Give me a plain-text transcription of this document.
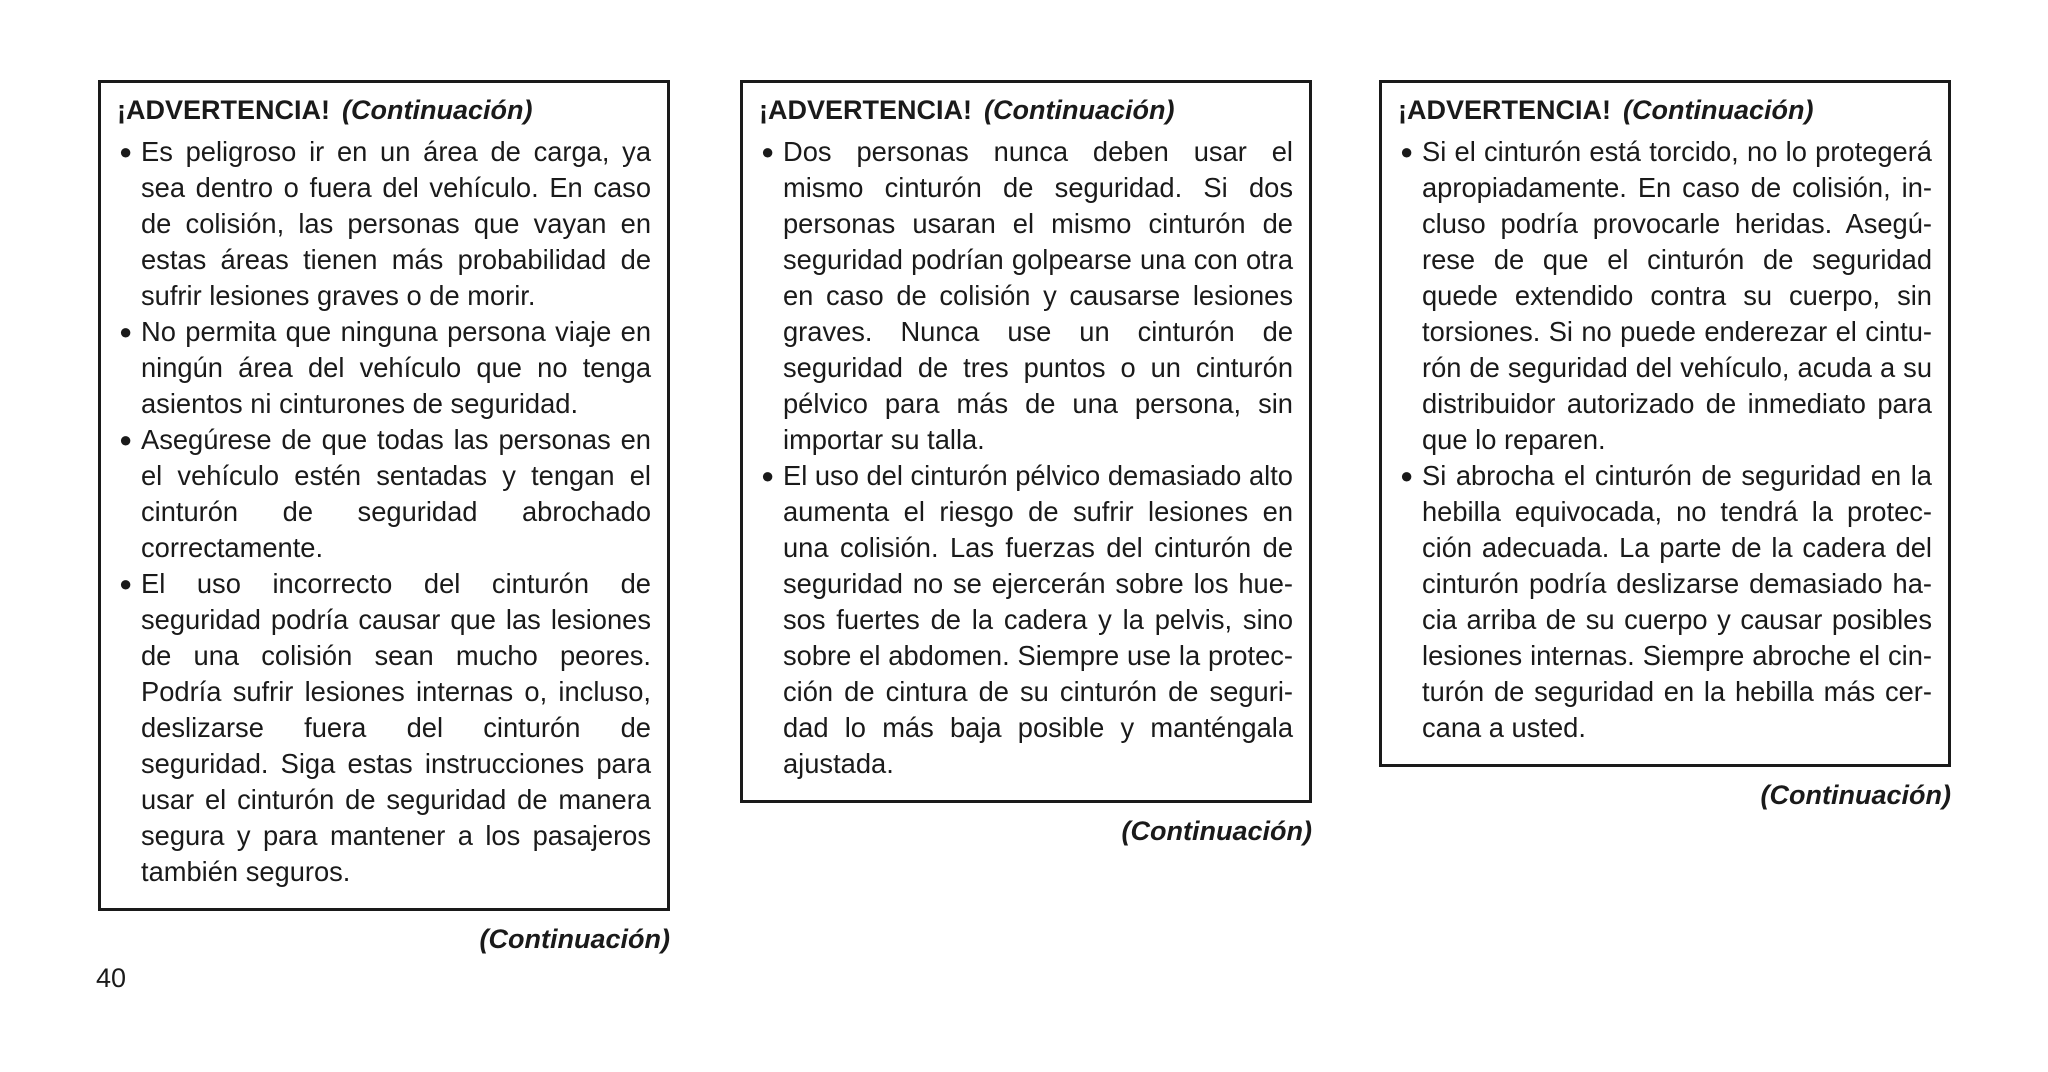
¡ADVERTENCIA! (Continuación)
● Es peligroso ir en un área de carga, ya sea dentro o fuera del vehículo. En caso de colisión, las personas que vayan en estas áreas tienen más probabilidad de sufrir lesiones graves o de morir.
● No permita que ninguna persona viaje en ningún área del vehículo que no tenga asientos ni cinturones de seguridad.
● Asegúrese de que todas las personas en el vehículo estén sentadas y tengan el cinturón de seguridad abrochado correctamente.
● El uso incorrecto del cinturón de seguridad podría causar que las lesiones de una colisión sean mucho peores. Podría sufrir lesiones internas o, incluso, deslizarse fuera del cinturón de seguridad. Siga estas instrucciones para usar el cinturón de seguridad de manera segura y para mantener a los pasajeros también seguros.
(Continuación)
¡ADVERTENCIA! (Continuación)
● Dos personas nunca deben usar el mismo cinturón de seguridad. Si dos personas usaran el mismo cinturón de seguridad podrían golpearse una con otra en caso de colisión y causarse lesiones graves. Nunca use un cinturón de seguridad de tres puntos o un cinturón pélvico para más de una persona, sin importar su talla.
● El uso del cinturón pélvico demasiado alto aumenta el riesgo de sufrir lesiones en una colisión. Las fuerzas del cinturón de seguridad no se ejercerán sobre los huesos fuertes de la cadera y la pelvis, sino sobre el abdomen. Siempre use la protección de cintura de su cinturón de seguridad lo más baja posible y manténgala ajustada.
(Continuación)
¡ADVERTENCIA! (Continuación)
● Si el cinturón está torcido, no lo protegerá apropiadamente. En caso de colisión, incluso podría provocarle heridas. Asegúrese de que el cinturón de seguridad quede extendido contra su cuerpo, sin torsiones. Si no puede enderezar el cinturón de seguridad del vehículo, acuda a su distribuidor autorizado de inmediato para que lo reparen.
● Si abrocha el cinturón de seguridad en la hebilla equivocada, no tendrá la protección adecuada. La parte de la cadera del cinturón podría deslizarse demasiado hacia arriba de su cuerpo y causar posibles lesiones internas. Siempre abroche el cinturón de seguridad en la hebilla más cercana a usted.
(Continuación)
40
